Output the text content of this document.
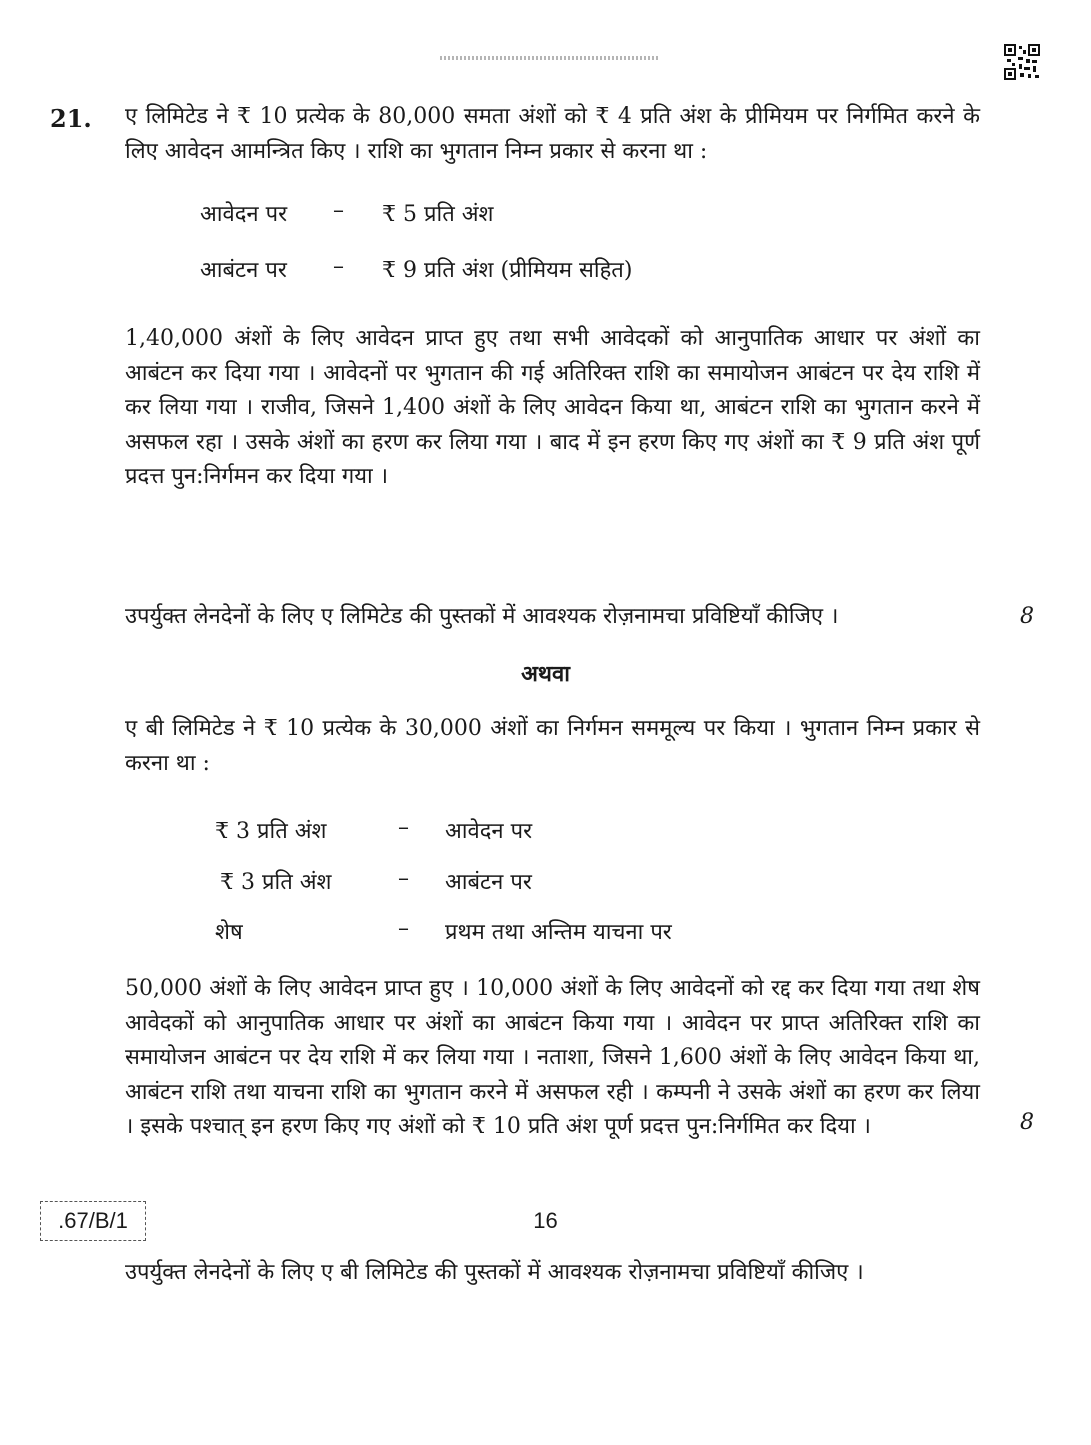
21. ए लिमिटेड ने ₹ 10 प्रत्येक के 80,000 समता अंशों को ₹ 4 प्रति अंश के प्रीमियम पर निर्गमित करने के लिए आवेदन आमन्त्रित किए । राशि का भुगतान निम्न प्रकार से करना था :
आवेदन पर – ₹ 5 प्रति अंश
आबंटन पर – ₹ 9 प्रति अंश (प्रीमियम सहित)
1,40,000 अंशों के लिए आवेदन प्राप्त हुए तथा सभी आवेदकों को आनुपातिक आधार पर अंशों का आबंटन कर दिया गया । आवेदनों पर भुगतान की गई अतिरिक्त राशि का समायोजन आबंटन पर देय राशि में कर लिया गया । राजीव, जिसने 1,400 अंशों के लिए आवेदन किया था, आबंटन राशि का भुगतान करने में असफल रहा । उसके अंशों का हरण कर लिया गया । बाद में इन हरण किए गए अंशों का ₹ 9 प्रति अंश पूर्ण प्रदत्त पुन:निर्गमन कर दिया गया ।
उपर्युक्त लेनदेनों के लिए ए लिमिटेड की पुस्तकों में आवश्यक रोज़नामचा प्रविष्टियाँ कीजिए ।	8
अथवा
ए बी लिमिटेड ने ₹ 10 प्रत्येक के 30,000 अंशों का निर्गमन सममूल्य पर किया । भुगतान निम्न प्रकार से करना था :
₹ 3 प्रति अंश	– आवेदन पर
₹ 3 प्रति अंश	– आबंटन पर
शेष	– प्रथम तथा अन्तिम याचना पर
50,000 अंशों के लिए आवेदन प्राप्त हुए । 10,000 अंशों के लिए आवेदनों को रद्द कर दिया गया तथा शेष आवेदकों को आनुपातिक आधार पर अंशों का आबंटन किया गया । आवेदन पर प्राप्त अतिरिक्त राशि का समायोजन आबंटन पर देय राशि में कर लिया गया । नताशा, जिसने 1,600 अंशों के लिए आवेदन किया था, आबंटन राशि तथा याचना राशि का भुगतान करने में असफल रही । कम्पनी ने उसके अंशों का हरण कर लिया । इसके पश्चात् इन हरण किए गए अंशों को ₹ 10 प्रति अंश पूर्ण प्रदत्त पुन:निर्गमित कर दिया ।
उपर्युक्त लेनदेनों के लिए ए बी लिमिटेड की पुस्तकों में आवश्यक रोज़नामचा प्रविष्टियाँ कीजिए ।
8
.67/B/1	16
